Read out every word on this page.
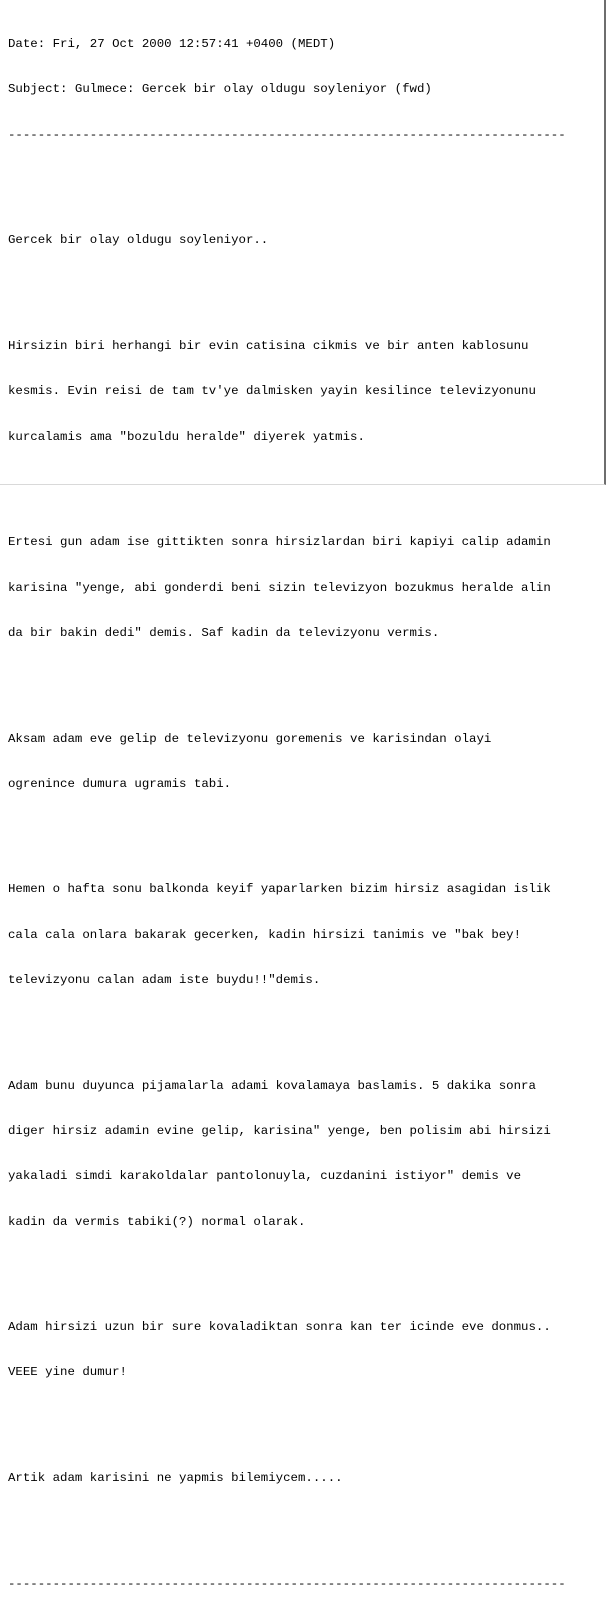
Date: Fri, 27 Oct 2000 12:57:41 +0400 (MEDT)

Subject: Gulmece: Gercek bir olay oldugu soyleniyor (fwd)

---------------------------------------------------------------------------

Gercek bir olay oldugu soyleniyor..

Hirsizin biri herhangi bir evin catisina cikmis ve bir anten kablosunu

kesmis. Evin reisi de tam tv'ye dalmisken yayin kesilince televizyonunu

kurcalamis ama "bozuldu heralde" diyerek yatmis.

Ertesi gun adam ise gittikten sonra hirsizlardan biri kapiyi calip adamin

karisina "yenge, abi gonderdi beni sizin televizyon bozukmus heralde alin

da bir bakin dedi" demis. Saf kadin da televizyonu vermis.

Aksam adam eve gelip de televizyonu goremenis ve karisindan olayi

ogrenince dumura ugramis tabi.

Hemen o hafta sonu balkonda keyif yaparlarken bizim hirsiz asagidan islik

cala cala onlara bakarak gecerken, kadin hirsizi tanimis ve "bak bey!

televizyonu calan adam iste buydu!!"demis.

Adam bunu duyunca pijamalarla adami kovalamaya baslamis. 5 dakika sonra

diger hirsiz adamin evine gelip, karisina" yenge, ben polisim abi hirsizi

yakaladi simdi karakoldalar pantolonuyla, cuzdanini istiyor" demis ve

kadin da vermis tabiki(?) normal olarak.

Adam hirsizi uzun bir sure kovaladiktan sonra kan ter icinde eve donmus..

VEEE yine dumur!

Artik adam karisini ne yapmis bilemiycem.....

---------------------------------------------------------------------------
